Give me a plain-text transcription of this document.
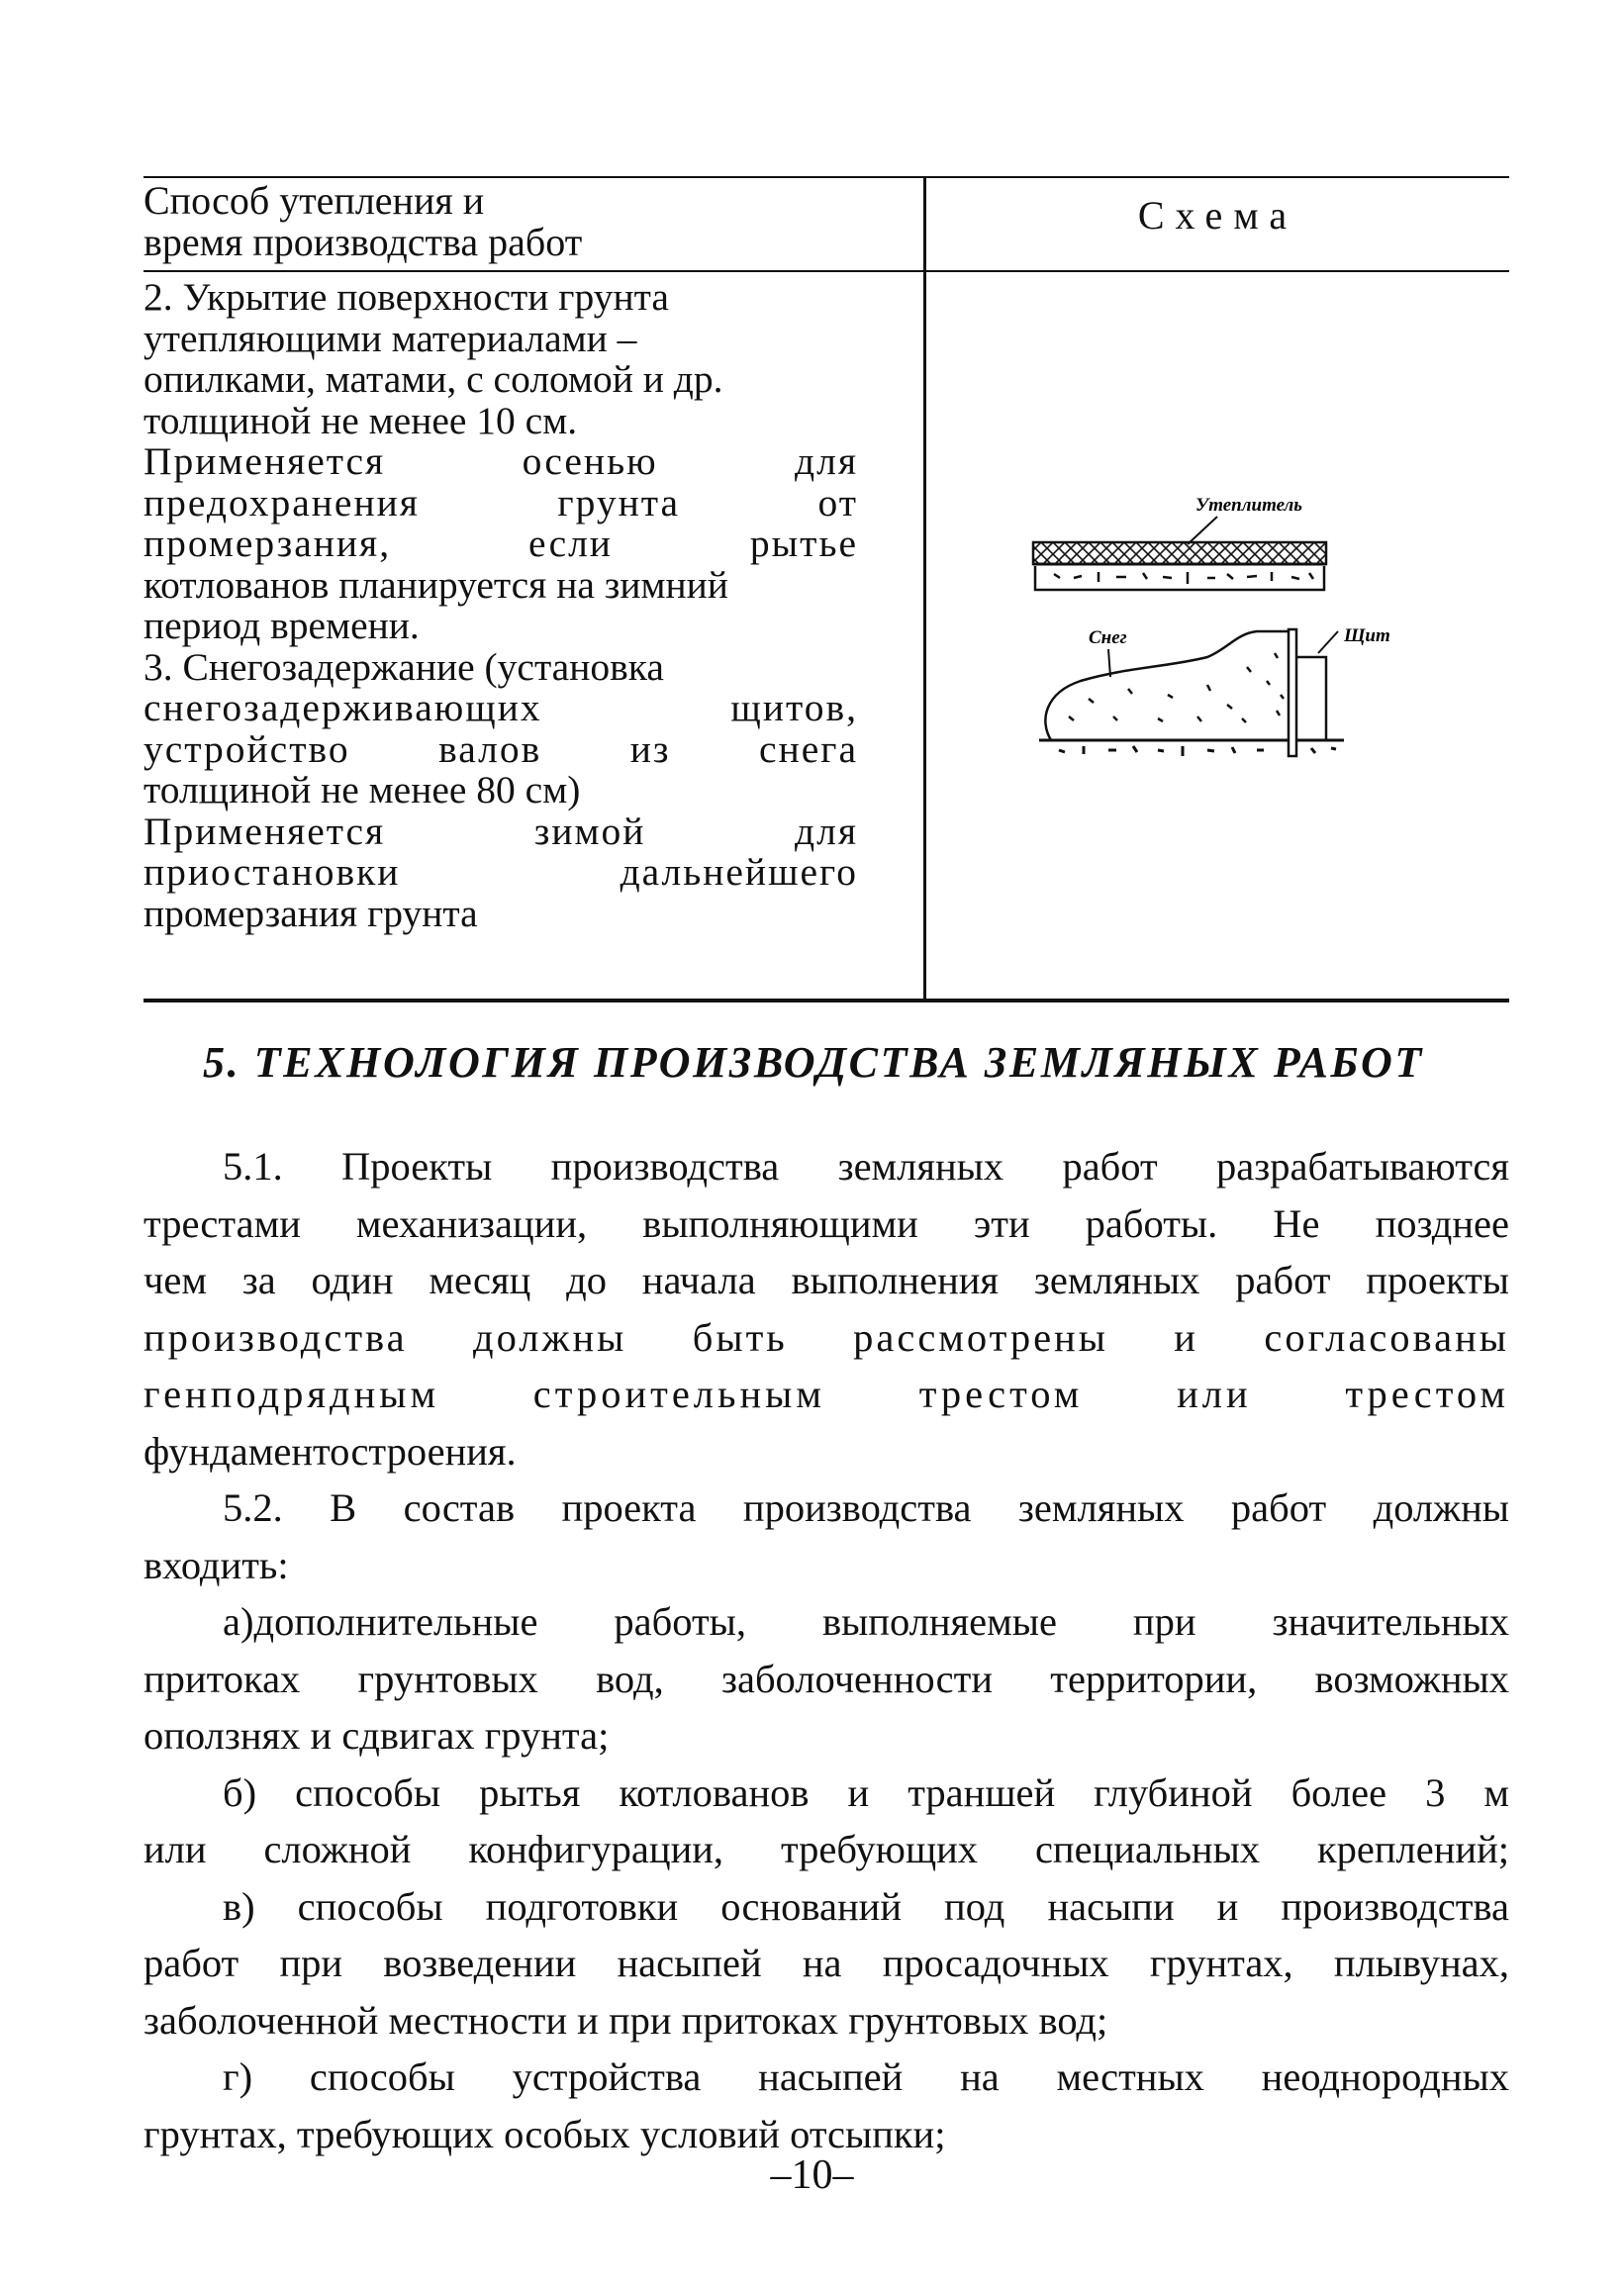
Способ утепления и
время производства работ
Схема
2. Укрытие поверхности грунта
утепляющими материалами –
опилками, матами, с соломой и др.
толщиной не менее 10 см.
Применяется осенью для
предохранения грунта от
промерзания, если рытье
котлованов планируется на зимний
период времени.
3. Снегозадержание (установка
снегозадерживающих щитов,
устройство валов из снега
толщиной не менее 80 см)
Применяется зимой для
приостановки дальнейшего
промерзания грунта
Утеплитель
Снег	Щит
5. ТЕХНОЛОГИЯ ПРОИЗВОДСТВА ЗЕМЛЯНЫХ РАБОТ
5.1. Проекты производства земляных работ разрабатываются
трестами механизации, выполняющими эти работы. Не позднее
чем за один месяц до начала выполнения земляных работ проекты
производства должны быть рассмотрены и согласованы
генподрядным строительным трестом или трестом
фундаментостроения.
5.2. В состав проекта производства земляных работ должны
входить:
а)дополнительные работы, выполняемые при значительных
притоках грунтовых вод, заболоченности территории, возможных
оползнях и сдвигах грунта;
б) способы рытья котлованов и траншей глубиной более 3 м
или сложной конфигурации, требующих специальных креплений;
в) способы подготовки оснований под насыпи и производства
работ при возведении насыпей на просадочных грунтах, плывунах,
заболоченной местности и при притоках грунтовых вод;
г) способы устройства насыпей на местных неоднородных
грунтах, требующих особых условий отсыпки;
–10–
